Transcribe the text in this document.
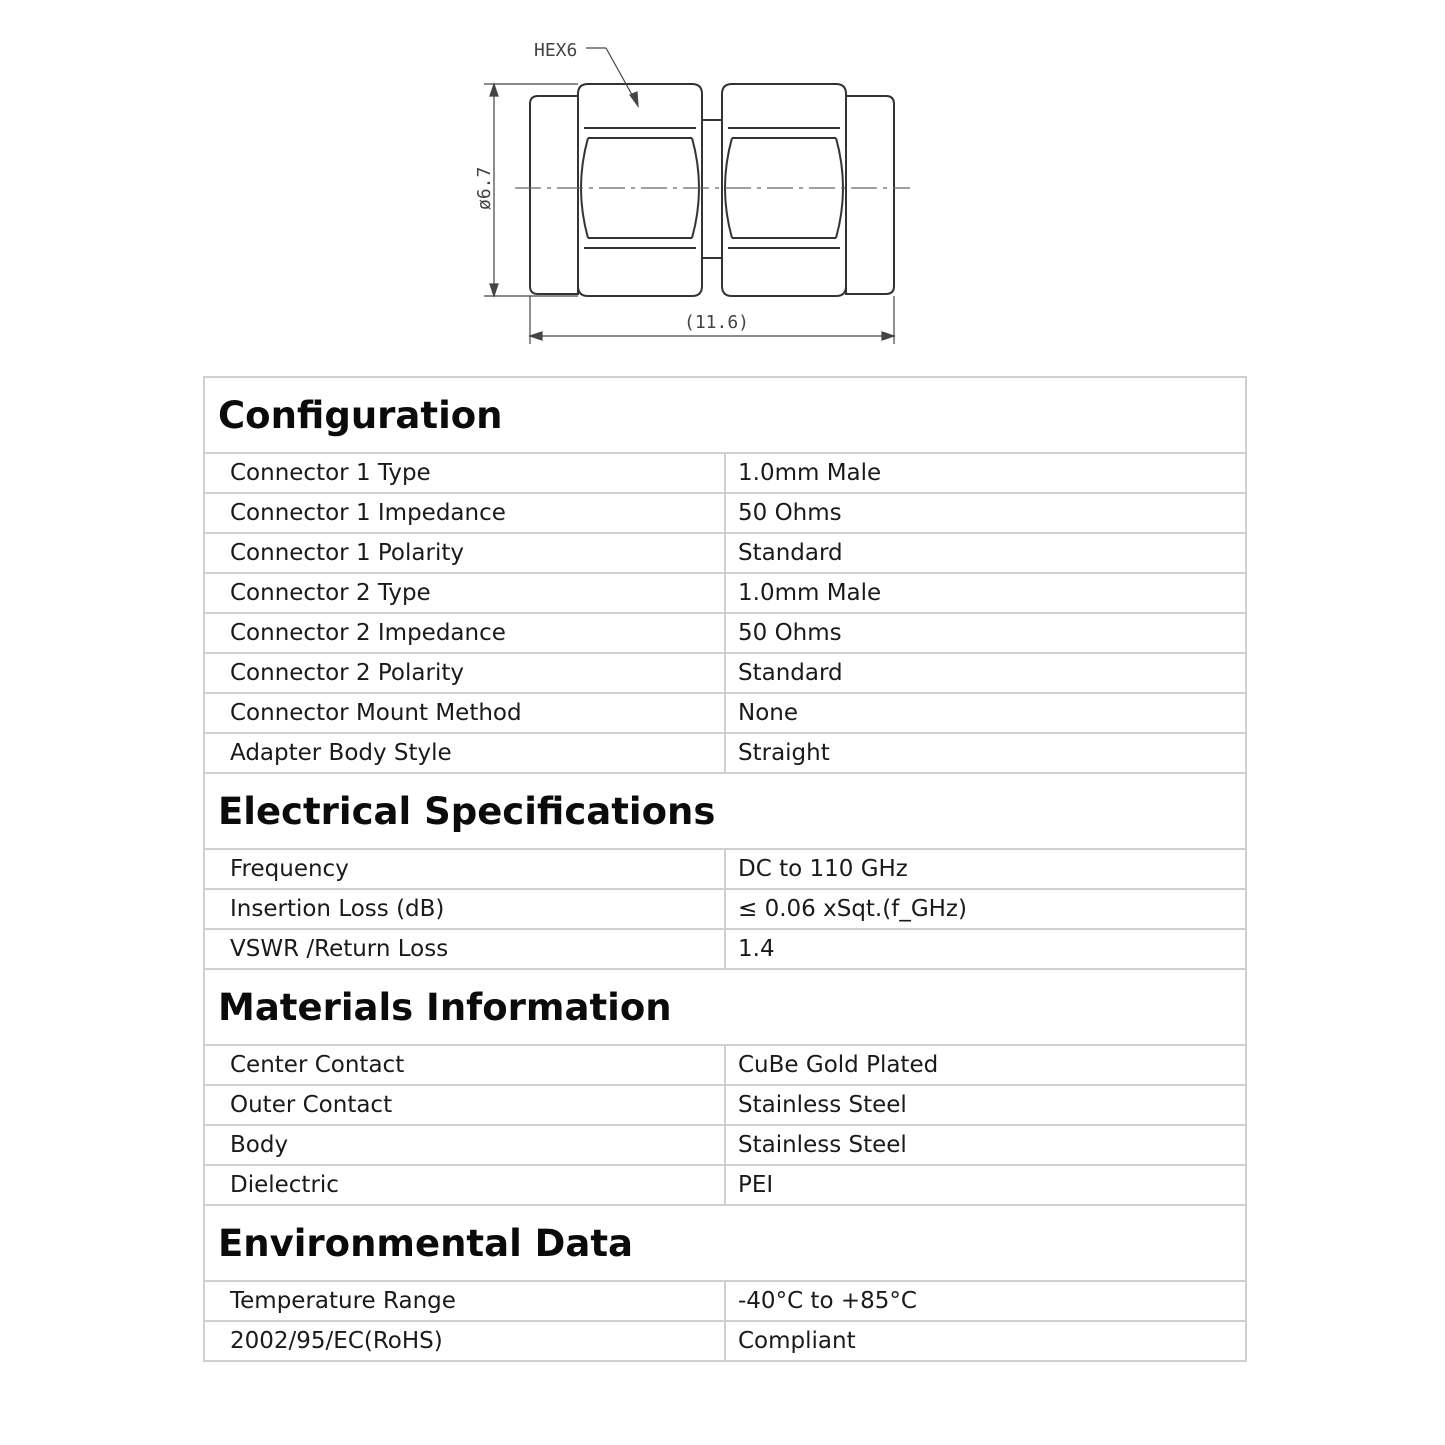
HEX6
ø6.7
(11.6)
Configuration	
Connector 1 Type	1.0mm Male
Connector 1 Impedance	50 Ohms
Connector 1 Polarity	Standard
Connector 2 Type	1.0mm Male
Connector 2 Impedance	50 Ohms
Connector 2 Polarity	Standard
Connector Mount Method	None
Adapter Body Style	Straight
Electrical Specifications	
Frequency	DC to 110 GHz
Insertion Loss (dB)	≤ 0.06 xSqt.(f_GHz)
VSWR /Return Loss	1.4
Materials Information	
Center Contact	CuBe Gold Plated
Outer Contact	Stainless Steel
Body	Stainless Steel
Dielectric	PEI
Environmental Data	
Temperature Range	-40°C to +85°C
2002/95/EC(RoHS)	Compliant
